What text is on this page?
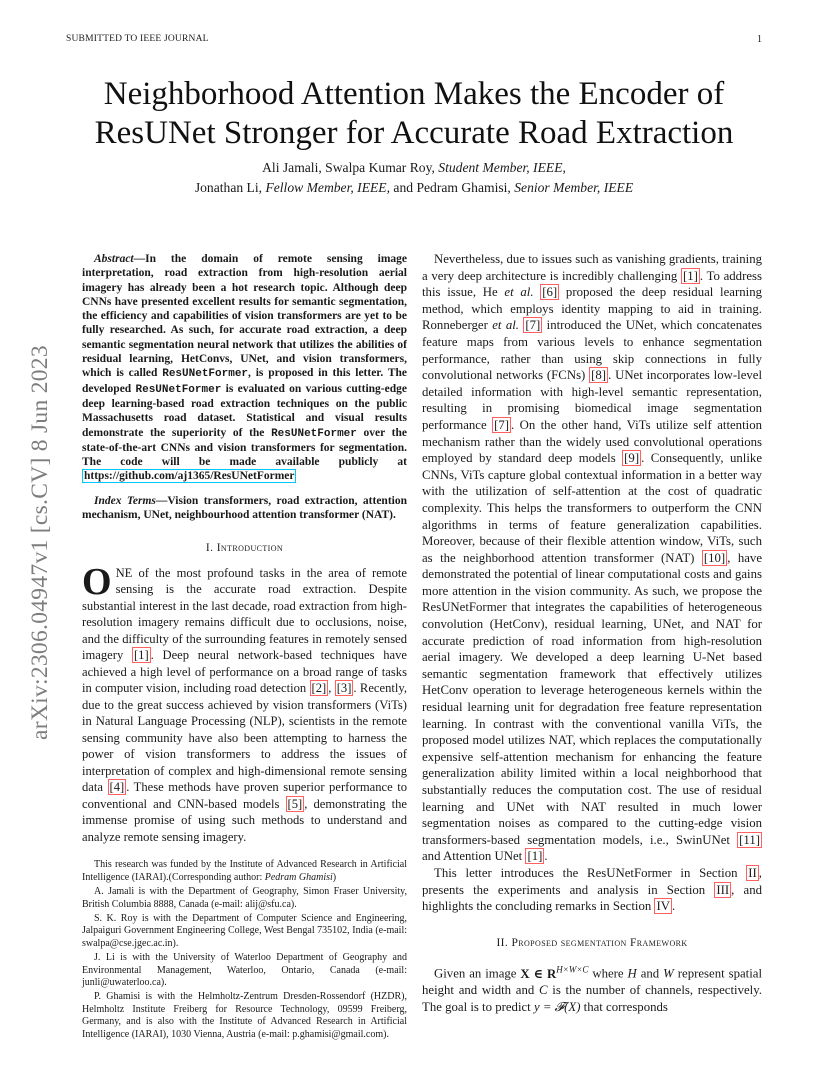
SUBMITTED TO IEEE JOURNAL	1
arXiv:2306.04947v1 [cs.CV] 8 Jun 2023
Neighborhood Attention Makes the Encoder of ResUNet Stronger for Accurate Road Extraction
Ali Jamali, Swalpa Kumar Roy, Student Member, IEEE,
Jonathan Li, Fellow Member, IEEE, and Pedram Ghamisi, Senior Member, IEEE

Abstract—In the domain of remote sensing image interpretation, road extraction from high-resolution aerial imagery has already been a hot research topic. Although deep CNNs have presented excellent results for semantic segmentation, the efficiency and capabilities of vision transformers are yet to be fully researched. As such, for accurate road extraction, a deep semantic segmentation neural network that utilizes the abilities of residual learning, HetConvs, UNet, and vision transformers, which is called ResUNetFormer, is proposed in this letter. The developed ResUNetFormer is evaluated on various cutting-edge deep learning-based road extraction techniques on the public Massachusetts road dataset. Statistical and visual results demonstrate the superiority of the ResUNetFormer over the state-of-the-art CNNs and vision transformers for segmentation. The code will be made available publicly at https://github.com/aj1365/ResUNetFormer

Index Terms—Vision transformers, road extraction, attention mechanism, UNet, neighbourhood attention transformer (NAT).

I. Introduction

ONE of the most profound tasks in the area of remote sensing is the accurate road extraction. Despite substantial interest in the last decade, road extraction from high-resolution imagery remains difficult due to occlusions, noise, and the difficulty of the surrounding features in remotely sensed imagery [1] . Deep neural network-based techniques have achieved a high level of performance on a broad range of tasks in computer vision, including road detection [2] , [3] . Recently, due to the great success achieved by vision transformers (ViTs) in Natural Language Processing (NLP), scientists in the remote sensing community have also been attempting to harness the power of vision transformers to address the issues of interpretation of complex and high-dimensional remote sensing data [4] . These methods have proven superior performance to conventional and CNN-based models [5] , demonstrating the immense promise of using such methods to understand and analyze remote sensing imagery.

This research was funded by the Institute of Advanced Research in Artificial Intelligence (IARAI).(Corresponding author: Pedram Ghamisi)

A. Jamali is with the Department of Geography, Simon Fraser University, British Columbia 8888, Canada (e-mail: alij@sfu.ca).

S. K. Roy is with the Department of Computer Science and Engineering, Jalpaiguri Government Engineering College, West Bengal 735102, India (e-mail: swalpa@cse.jgec.ac.in).

J. Li is with the University of Waterloo Department of Geography and Environmental Management, Waterloo, Ontario, Canada (e-mail: junli@uwaterloo.ca).

P. Ghamisi is with the Helmholtz-Zentrum Dresden-Rossendorf (HZDR), Helmholtz Institute Freiberg for Resource Technology, 09599 Freiberg, Germany, and is also with the Institute of Advanced Research in Artificial Intelligence (IARAI), 1030 Vienna, Austria (e-mail: p.ghamisi@gmail.com).

Nevertheless, due to issues such as vanishing gradients, training a very deep architecture is incredibly challenging [1] . To address this issue, He et al. [6] proposed the deep residual learning method, which employs identity mapping to aid in training. Ronneberger et al. [7] introduced the UNet, which concatenates feature maps from various levels to enhance segmentation performance, rather than using skip connections in fully convolutional networks (FCNs) [8] . UNet incorporates low-level detailed information with high-level semantic representation, resulting in promising biomedical image segmentation performance [7] . On the other hand, ViTs utilize self attention mechanism rather than the widely used convolutional operations employed by standard deep models [9] . Consequently, unlike CNNs, ViTs capture global contextual information in a better way with the utilization of self-attention at the cost of quadratic complexity. This helps the transformers to outperform the CNN algorithms in terms of feature generalization capabilities. Moreover, because of their flexible attention window, ViTs, such as the neighborhood attention transformer (NAT) [10] , have demonstrated the potential of linear computational costs and gains more attention in the vision community. As such, we propose the ResUNetFormer that integrates the capabilities of heterogeneous convolution (HetConv), residual learning, UNet, and NAT for accurate prediction of road information from high-resolution aerial imagery. We developed a deep learning U-Net based semantic segmentation framework that effectively utilizes HetConv operation to leverage heterogeneous kernels within the residual learning unit for degradation free feature representation learning. In contrast with the conventional vanilla ViTs, the proposed model utilizes NAT, which replaces the computationally expensive self-attention mechanism for enhancing the feature generalization ability limited within a local neighborhood that substantially reduces the computation cost. The use of residual learning and UNet with NAT resulted in much lower segmentation noises as compared to the cutting-edge vision transformers-based segmentation models, i.e., SwinUNet [11] and Attention UNet [1] .

This letter introduces the ResUNetFormer in Section II , presents the experiments and analysis in Section III , and highlights the concluding remarks in Section IV .

II. Proposed segmentation Framework

Given an image X ∈ $R^{H\times W\times C}$ where H and W represent spatial height and width and C is the number of channels, respectively. The goal is to predict y = 𝓕(X) that corresponds
